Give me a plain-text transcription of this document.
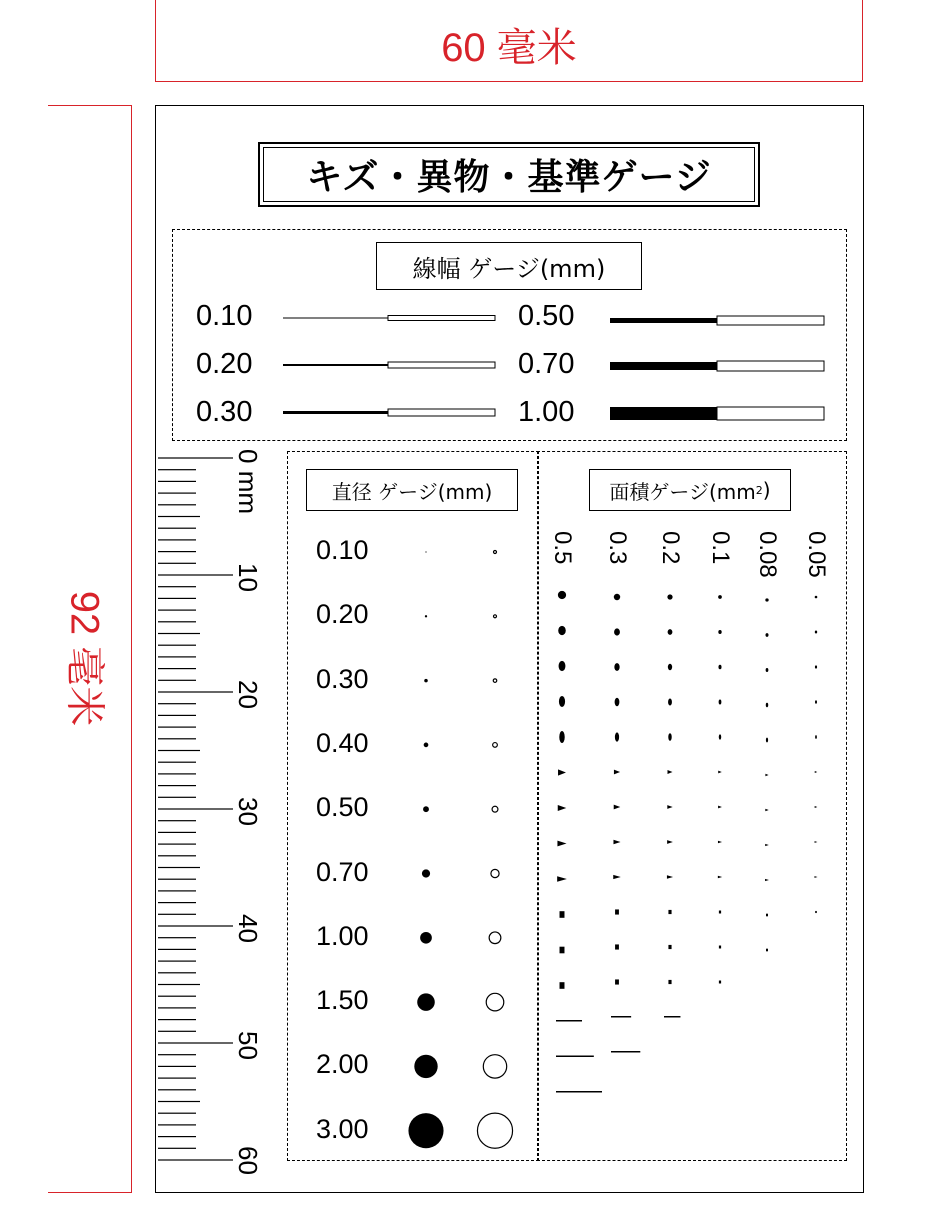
60 毫米
92 毫米
キズ・異物・基準ゲージ
線幅 ゲージ(mm)
0.10
0.20
0.30
0.50
0.70
1.00
0 mm
10
20
30
40
50
60
直径 ゲージ(mm)
0.10
0.20
0.30
0.40
0.50
0.70
1.00
1.50
2.00
3.00
面積ゲージ(mm 2 )
0.5 0.3 0.2 0.1 0.08 0.05
